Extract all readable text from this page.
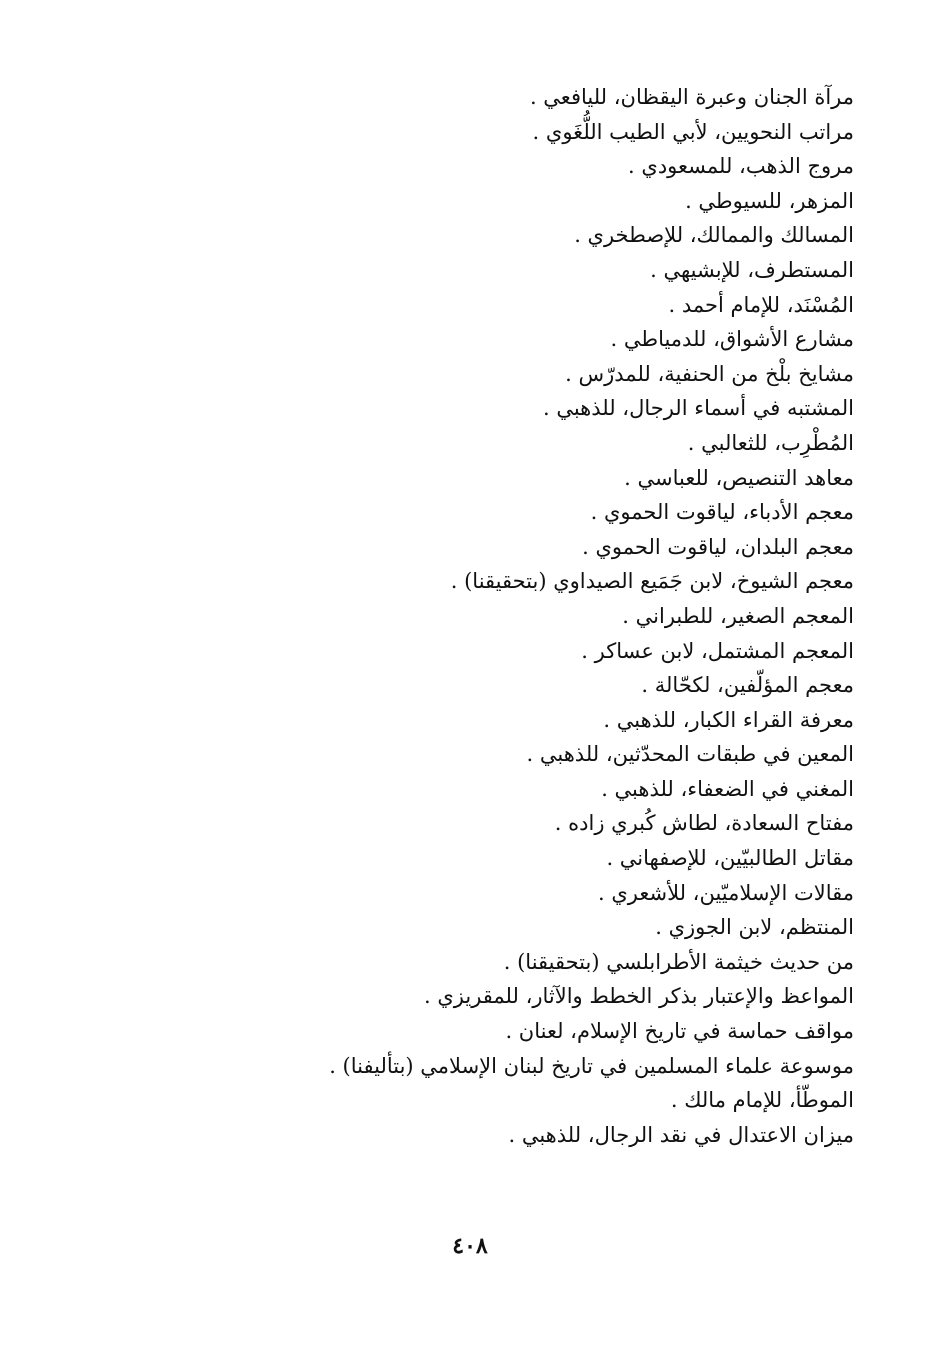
مرآة الجنان وعبرة اليقظان، لليافعي .
مراتب النحويين، لأبي الطيب اللُّغَوي .
مروج الذهب، للمسعودي .
المزهر، للسيوطي .
المسالك والممالك، للإصطخري .
المستطرف، للإبشيهي .
المُسْنَد، للإمام أحمد .
مشارع الأشواق، للدمياطي .
مشايخ بلْخ من الحنفية، للمدرّس .
المشتبه في أسماء الرجال، للذهبي .
المُطْرِب، للثعالبي .
معاهد التنصيص، للعباسي .
معجم الأدباء، لياقوت الحموي .
معجم البلدان، لياقوت الحموي .
معجم الشيوخ، لابن جَمَيع الصيداوي (بتحقيقنا) .
المعجم الصغير، للطبراني .
المعجم المشتمل، لابن عساكر .
معجم المؤلّفين، لكحّالة .
معرفة القراء الكبار، للذهبي .
المعين في طبقات المحدّثين، للذهبي .
المغني في الضعفاء، للذهبي .
مفتاح السعادة، لطاش كُبري زاده .
مقاتل الطالبيّين، للإصفهاني .
مقالات الإسلاميّين، للأشعري .
المنتظم، لابن الجوزي .
من حديث خيثمة الأطرابلسي (بتحقيقنا) .
المواعظ والإعتبار بذكر الخطط والآثار، للمقريزي .
مواقف حماسة في تاريخ الإسلام، لعنان .
موسوعة علماء المسلمين في تاريخ لبنان الإسلامي (بتأليفنا) .
الموطّأ، للإمام مالك .
ميزان الاعتدال في نقد الرجال، للذهبي .
٤٠٨
